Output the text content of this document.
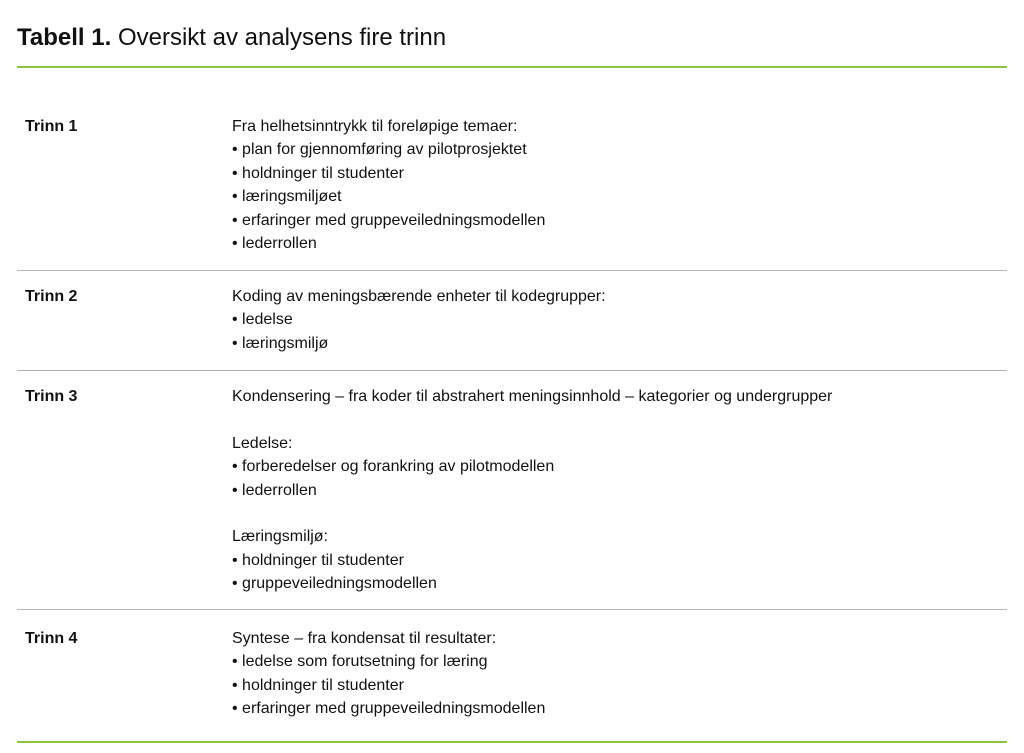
Tabell 1. Oversikt av analysens fire trinn
Trinn 1	Fra helhetsinntrykk til foreløpige temaer:
• plan for gjennomføring av pilotprosjektet
• holdninger til studenter
• læringsmiljøet
• erfaringer med gruppeveiledningsmodellen
• lederrollen
Trinn 2	Koding av meningsbærende enheter til kodegrupper:
• ledelse
• læringsmiljø
Trinn 3	Kondensering – fra koder til abstrahert meningsinnhold – kategorier og undergrupper
Ledelse:
• forberedelser og forankring av pilotmodellen
• lederrollen
Læringsmiljø:
• holdninger til studenter
• gruppeveiledningsmodellen
Trinn 4	Syntese – fra kondensat til resultater:
• ledelse som forutsetning for læring
• holdninger til studenter
• erfaringer med gruppeveiledningsmodellen
